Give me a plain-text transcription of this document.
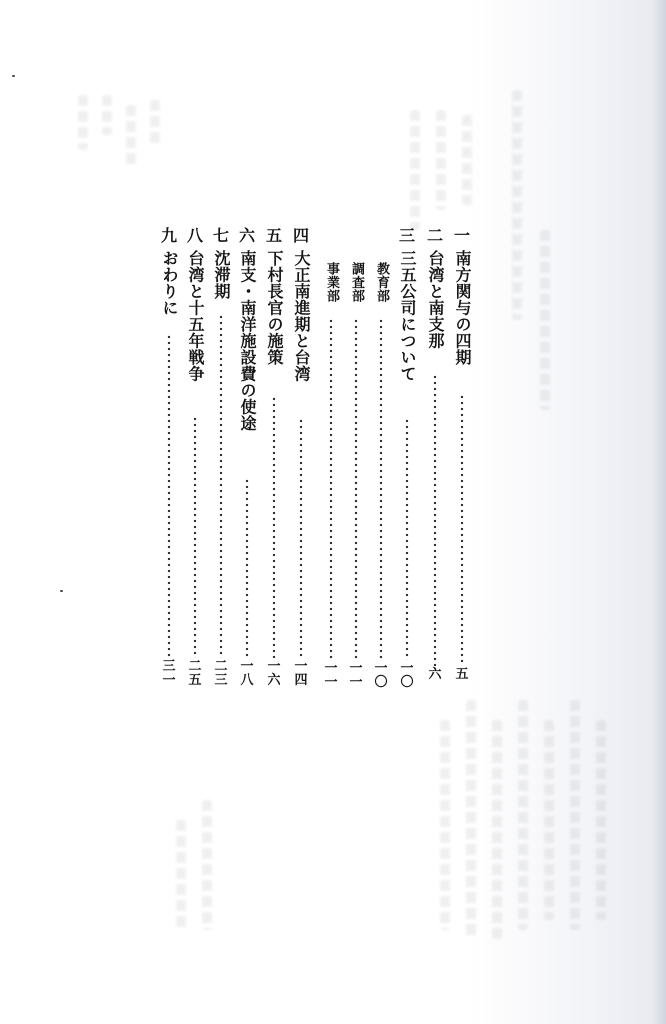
一
南方関与の四期
五
二
台湾と南支那
六
三
三五公司について
一
〇
教育部
一
〇
調査部
一
一
事業部
一
一
四
大正南進期と台湾
一
四
五
下村長官の施策
一
六
六
南支・南洋施設費の使途
一
八
七
沈滞期
二
三
八
台湾と十五年戦争
二
五
九
おわりに
三
一
